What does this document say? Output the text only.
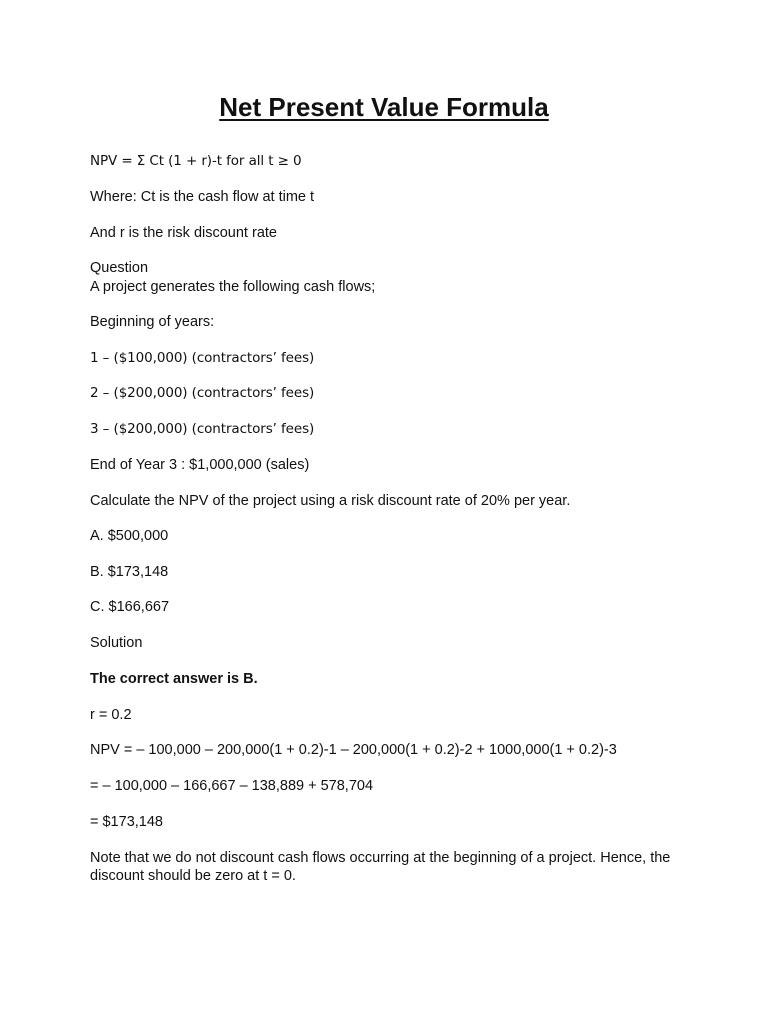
Net Present Value Formula

NPV = Σ Ct (1 + r)-t for all t ≥ 0

Where: Ct is the cash flow at time t

And r is the risk discount rate

Question

A project generates the following cash flows;

Beginning of years:

1 – ($100,000) (contractors’ fees)

2 – ($200,000) (contractors’ fees)

3 – ($200,000) (contractors’ fees)

End of Year 3 : $1,000,000 (sales)

Calculate the NPV of the project using a risk discount rate of 20% per year.

A. $500,000

B. $173,148

C. $166,667

Solution

The correct answer is B.

r = 0.2

NPV = – 100,000 – 200,000(1 + 0.2)-1 – 200,000(1 + 0.2)-2 + 1000,000(1 + 0.2)-3

= – 100,000 – 166,667 – 138,889 + 578,704

= $173,148

Note that we do not discount cash flows occurring at the beginning of a project. Hence, the discount should be zero at t = 0.
